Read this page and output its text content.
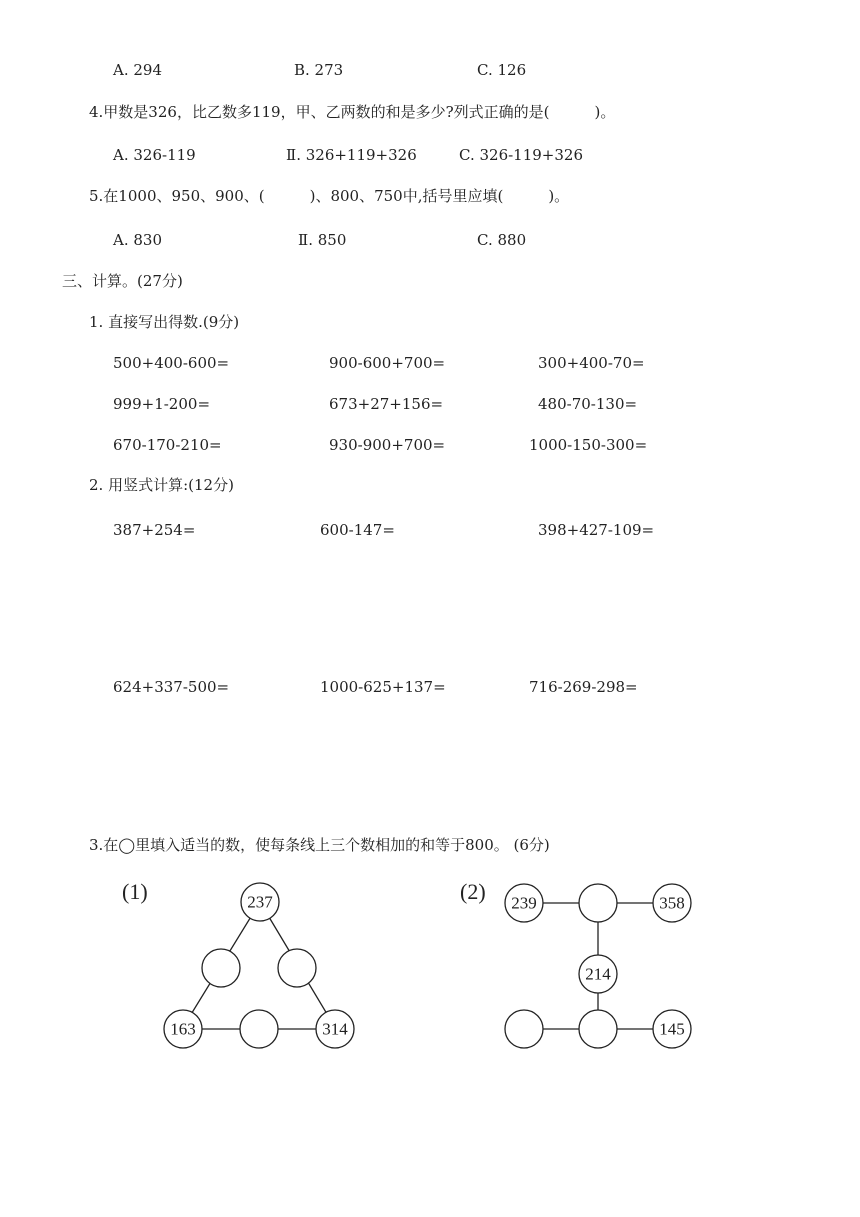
A. 294	B. 273	C. 126
4.甲数是326，比乙数多119，甲、乙两数的和是多少?列式正确的是(　　　)。
A. 326-119	Ⅱ. 326+119+326	C. 326-119+326
5.在1000、950、900、(　　　)、800、750中,括号里应填(　　　)。
A. 830	Ⅱ. 850	C. 880
三、计算。(27分)
1. 直接写出得数.(9分)
500+400-600=	900-600+700=	300+400-70=
999+1-200=	673+27+156=	480-70-130=
670-170-210=	930-900+700=	1000-150-300=
2. 用竖式计算:(12分)
387+254=	600-147=	398+427-109=
624+337-500=	1000-625+137=	716-269-298=
3.在◯里填入适当的数，使每条线上三个数相加的和等于800。 (6分)
(1)	237
163	314
(2) 239	358
214
145
